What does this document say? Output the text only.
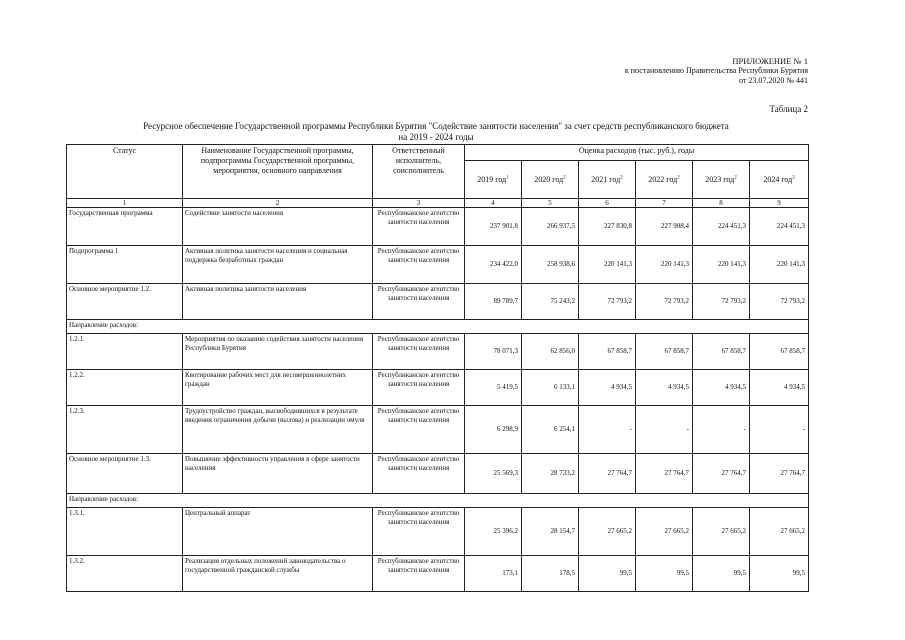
ПРИЛОЖЕНИЕ № 1
к постановлению Правительства Республики Бурятия
от 23.07.2020 № 441
Таблица 2
Ресурсное обеспечение Государственной программы Республики Бурятия "Содействие занятости населения" за счет средств республиканского бюджета
на 2019 - 2024 годы
Статус	Наименование Государственной программы, подпрограммы Государственной программы, мероприятия, основного направления	Ответственный исполнитель, соисполнитель	Оценка расходов (тыс. руб.), годы					
			2019 год$^1$	2020 год$^2$	2021 год$^2$	2022 год$^2$	2023 год$^2$	2024 год$^2$
1	2	3	4	5	6	7	8	9
Государственная программа	Содействие занятости населения	Республиканское агентство занятости населения	237 901,8	266 937,5	227 830,8	227 908,4	224 451,3	224 451,3
Подпрограмма 1	Активная политика занятости населения и социальная поддержка безработных граждан	Республиканское агентство занятости населения	234 422,0	258 938,6	220 141,3	220 141,3	220 141,3	220 141,3
Основное мероприятие 1.2.	Активная политика занятости населения	Республиканское агентство занятости населения	89 789,7	75 243,2	72 793,2	72 793,2	72 793,2	72 793,2
Направление расходов:								
1.2.1.	Мероприятия по оказанию содействия занятости населения Республики Бурятия	Республиканское агентство занятости населения	78 071,3	62 856,0	67 858,7	67 858,7	67 858,7	67 858,7
1.2.2.	Квотирование рабочих мест для несовершеннолетних граждан	Республиканское агентство занятости населения	5 419,5	6 133,1	4 934,5	4 934,5	4 934,5	4 934,5
1.2.3.	Трудоустройство граждан, высвободившихся в результате введения ограничения добычи (вылова) и реализации омуля	Республиканское агентство занятости населения	6 298,9	6 254,1	-	-	-	-
Основное мероприятие 1.3.	Повышение эффективности управления в сфере занятости населения	Республиканское агентство занятости населения	25 569,3	28 733,2	27 764,7	27 764,7	27 764,7	27 764,7
Направление расходов:								
1.3.1.	Центральный аппарат	Республиканское агентство занятости населения	25 396,2	28 154,7	27 665,2	27 665,2	27 665,2	27 665,2
1.3.2.	Реализация отдельных положений законодательства о государственной гражданской службы	Республиканское агентство занятости населения	173,1	178,5	99,5	99,5	99,5	99,5
